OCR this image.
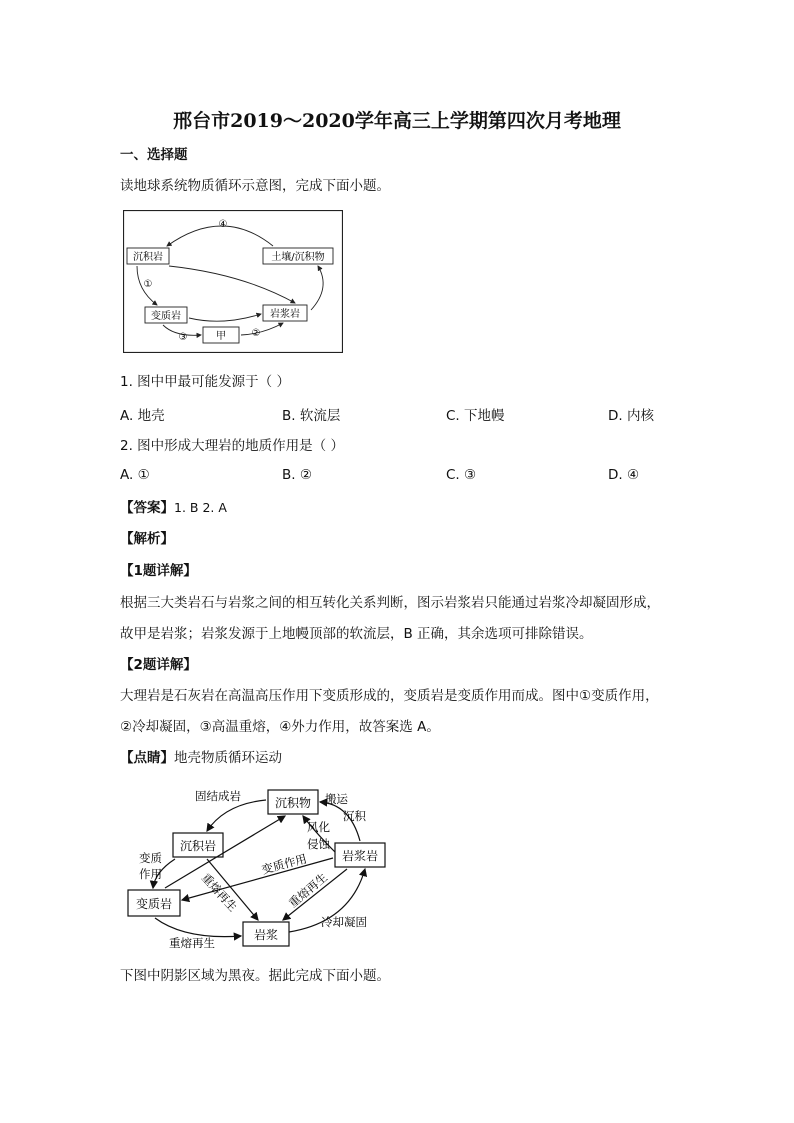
邢台市2019～2020学年高三上学期第四次月考地理
一、选择题
读地球系统物质循环示意图，完成下面小题。
沉积岩	土壤/沉积物
变质岩	岩浆岩
甲
④
①
③	②
1. 图中甲最可能发源于（ ）
A. 地壳	B. 软流层	C. 下地幔	D. 内核
2. 图中形成大理岩的地质作用是（ ）
A. ①	B. ②	C. ③	D. ④
【答案】1. B 2. A
【解析】
【1题详解】
根据三大类岩石与岩浆之间的相互转化关系判断，图示岩浆岩只能通过岩浆冷却凝固形成，
故甲是岩浆；岩浆发源于上地幔顶部的软流层，B 正确，其余选项可排除错误。
【2题详解】
大理岩是石灰岩在高温高压作用下变质形成的，变质岩是变质作用而成。图中①变质作用，
②冷却凝固，③高温重熔，④外力作用，故答案选 A。
【点睛】地壳物质循环运动
沉积物
沉积岩
岩浆岩
变质岩
岩浆
固结成岩	搬运
沉积
风化
侵蚀
变质
作用	变质作用
重熔再生	重熔再生
冷却凝固
重熔再生
下图中阴影区域为黑夜。据此完成下面小题。
